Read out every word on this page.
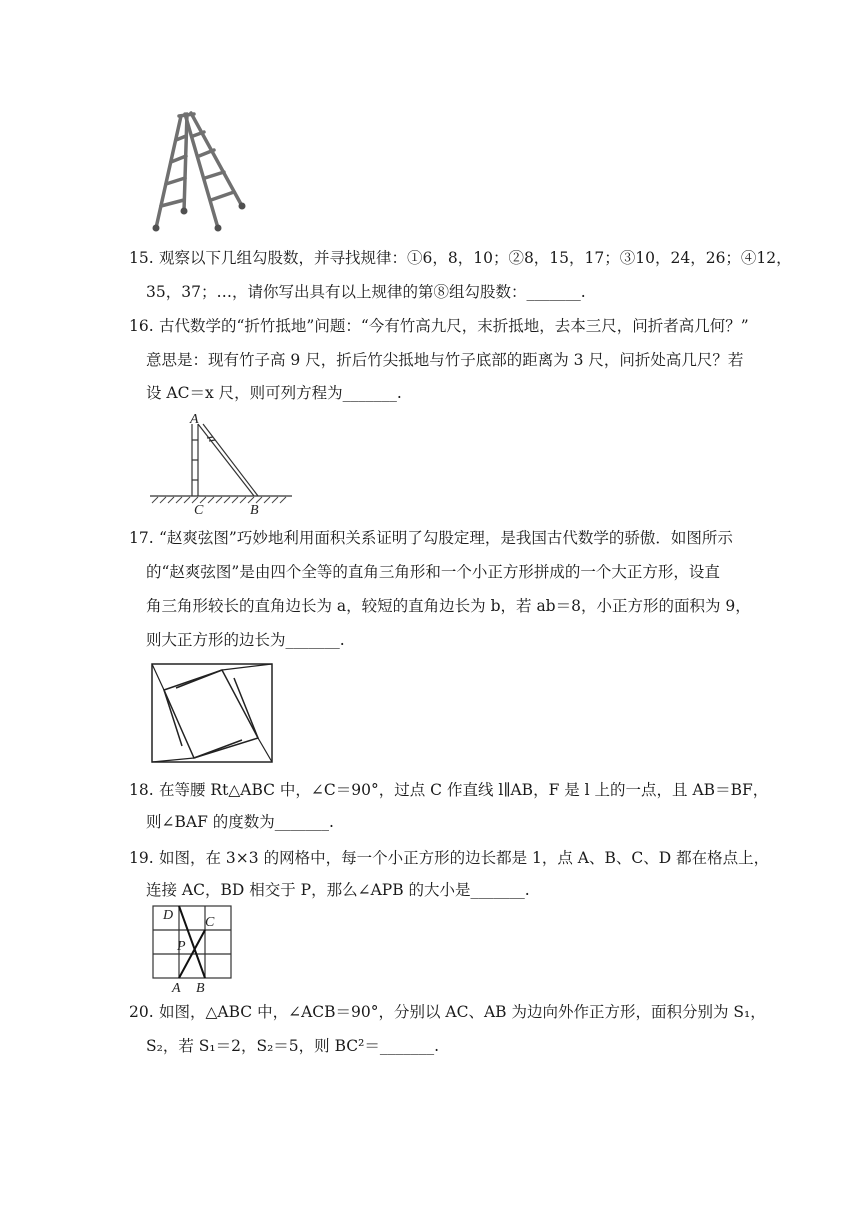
15. 观察以下几组勾股数，并寻找规律：①6，8，10；②8，15，17；③10，24，26；④12，
35，37；…，请你写出具有以上规律的第⑧组勾股数：_______.
16. 古代数学的“折竹抵地”问题：“今有竹高九尺，末折抵地，去本三尺，问折者高几何？”
意思是：现有竹子高 9 尺，折后竹尖抵地与竹子底部的距离为 3 尺，问折处高几尺？若
设 AC＝x 尺，则可列方程为_______.
A
C	B
17. “赵爽弦图”巧妙地利用面积关系证明了勾股定理，是我国古代数学的骄傲．如图所示
的“赵爽弦图”是由四个全等的直角三角形和一个小正方形拼成的一个大正方形，设直
角三角形较长的直角边长为 a，较短的直角边长为 b，若 ab＝8，小正方形的面积为 9，
则大正方形的边长为_______.
18. 在等腰 Rt△ABC 中，∠C＝90°，过点 C 作直线 l∥AB，F 是 l 上的一点，且 AB＝BF，
则∠BAF 的度数为_______.
19. 如图，在 3×3 的网格中，每一个小正方形的边长都是 1，点 A、B、C、D 都在格点上，
连接 AC，BD 相交于 P，那么∠APB 的大小是_______.
D C
P
A B
20. 如图，△ABC 中，∠ACB＝90°，分别以 AC、AB 为边向外作正方形，面积分别为 S₁，
S₂，若 S₁＝2，S₂＝5，则 BC²＝_______.
